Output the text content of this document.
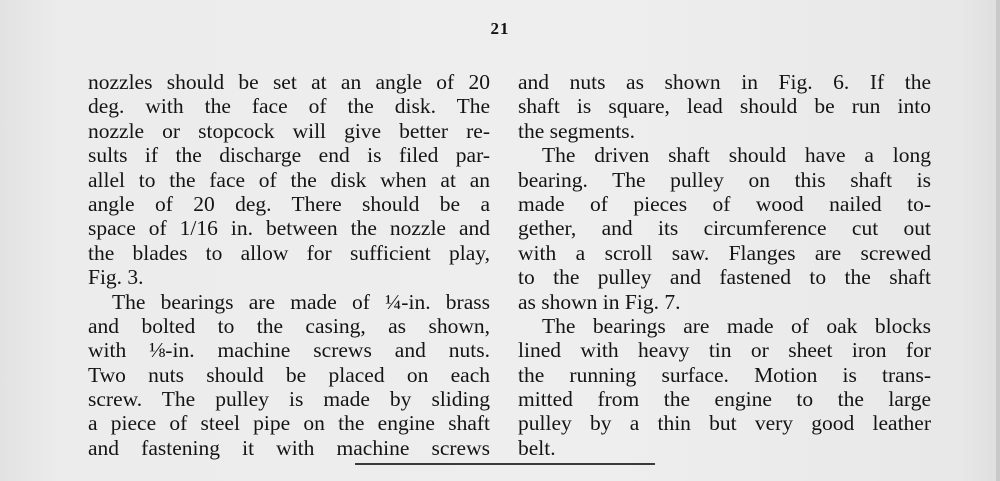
21
nozzles should be set at an angle of 20
deg. with the face of the disk. The
nozzle or stopcock will give better re-
sults if the discharge end is filed par-
allel to the face of the disk when at an
angle of 20 deg. There should be a
space of 1/16 in. between the nozzle and
the blades to allow for sufficient play,
Fig. 3.
The bearings are made of ¼-in. brass
and bolted to the casing, as shown,
with ⅛-in. machine screws and nuts.
Two nuts should be placed on each
screw. The pulley is made by sliding
a piece of steel pipe on the engine shaft
and fastening it with machine screws
and nuts as shown in Fig. 6. If the
shaft is square, lead should be run into
the segments.
The driven shaft should have a long
bearing. The pulley on this shaft is
made of pieces of wood nailed to-
gether, and its circumference cut out
with a scroll saw. Flanges are screwed
to the pulley and fastened to the shaft
as shown in Fig. 7.
The bearings are made of oak blocks
lined with heavy tin or sheet iron for
the running surface. Motion is trans-
mitted from the engine to the large
pulley by a thin but very good leather
belt.
